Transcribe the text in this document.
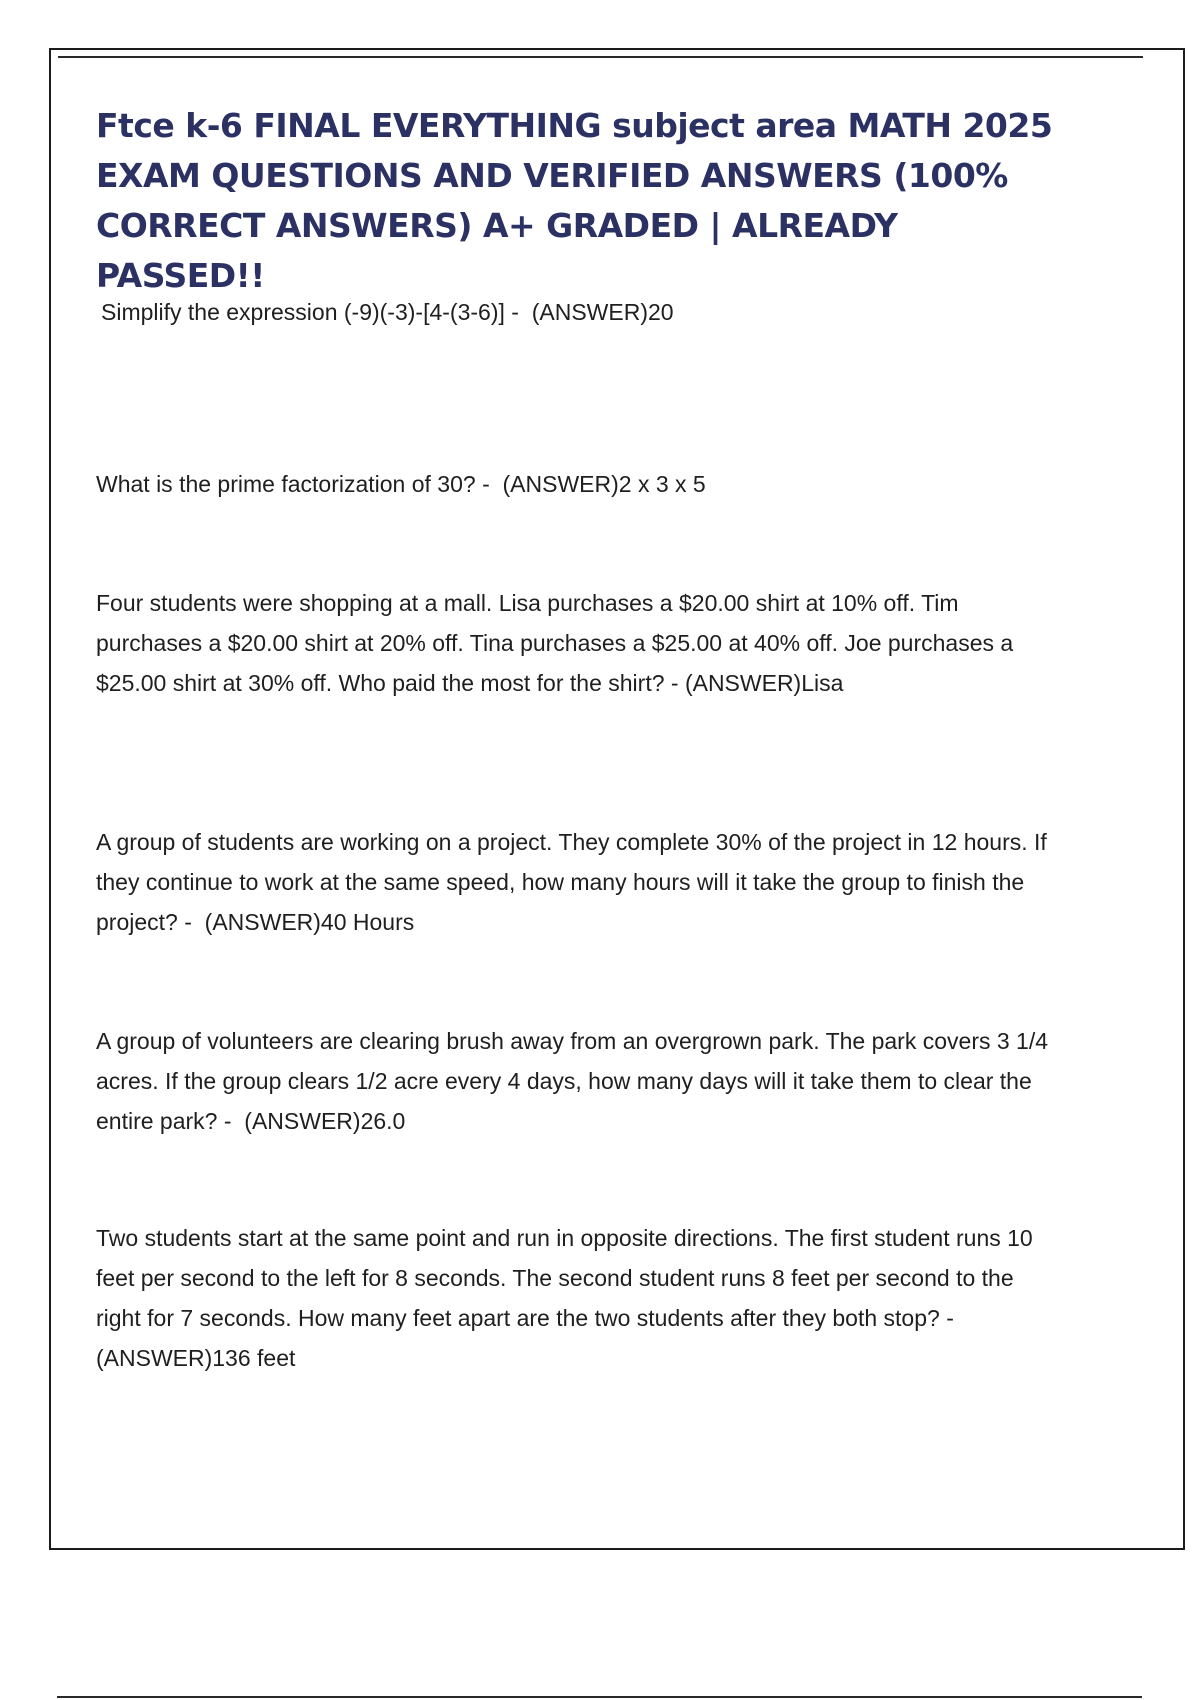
Ftce k-6 FINAL EVERYTHING subject area MATH 2025 EXAM QUESTIONS AND VERIFIED ANSWERS (100% CORRECT ANSWERS) A+ GRADED | ALREADY PASSED!!

Simplify the expression (-9)(-3)-[4-(3-6)] -  (ANSWER)20

What is the prime factorization of 30? -  (ANSWER)2 x 3 x 5

Four students were shopping at a mall. Lisa purchases a $20.00 shirt at 10% off. Tim purchases a $20.00 shirt at 20% off. Tina purchases a $25.00 at 40% off. Joe purchases a $25.00 shirt at 30% off. Who paid the most for the shirt? - (ANSWER)Lisa

A group of students are working on a project. They complete 30% of the project in 12 hours. If they continue to work at the same speed, how many hours will it take the group to finish the project? -  (ANSWER)40 Hours

A group of volunteers are clearing brush away from an overgrown park. The park covers 3 1/4 acres. If the group clears 1/2 acre every 4 days, how many days will it take them to clear the entire park? -  (ANSWER)26.0

Two students start at the same point and run in opposite directions. The first student runs 10 feet per second to the left for 8 seconds. The second student runs 8 feet per second to the right for 7 seconds. How many feet apart are the two students after they both stop? -  (ANSWER)136 feet
